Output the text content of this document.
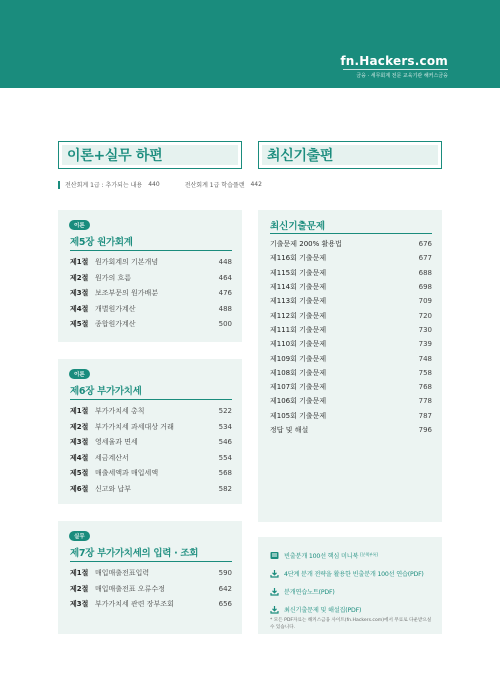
fn.Hackers.com
금융 · 세무회계 전문 교육기관 해커스금융
이론+실무 하편	최신기출편
전산회계 1급 : 추가되는 내용 440	전산회계 1급 학습플랜 442
이론
제5장 원가회계
제1절 원가회계의 기본개념	448
제2절 원가의 흐름	464
제3절 보조부문의 원가배분	476
제4절 개별원가계산	488
제5절 종합원가계산	500
이론
제6장 부가가치세
제1절 부가가치세 총칙	522
제2절 부가가치세 과세대상 거래	534
제3절 영세율과 면세	546
제4절 세금계산서	554
제5절 매출세액과 매입세액	568
제6절 신고와 납부	582
실무
제7장 부가가치세의 입력 · 조회
제1절 매입매출전표입력	590
제2절 매입매출전표 오류수정	642
제3절 부가가치세 관련 장부조회	656
최신기출문제
기출문제 200% 활용법	676
제116회 기출문제	677
제115회 기출문제	688
제114회 기출문제	698
제113회 기출문제	709
제112회 기출문제	720
제111회 기출문제	730
제110회 기출문제	739
제109회 기출문제	748
제108회 기출문제	758
제107회 기출문제	768
제106회 기출문제	778
제105회 기출문제	787
정답 및 해설	796
빈출분개 100선 핵심 미니북 [분책부록]
4단계 분개 전략을 활용한 빈출분개 100선 연습(PDF)
분개연습노트(PDF)
최신기출문제 및 해설집(PDF)
* 모든 PDF자료는 해커스금융 사이트(fn.Hackers.com)에서 무료로 다운받으실 수 있습니다.
